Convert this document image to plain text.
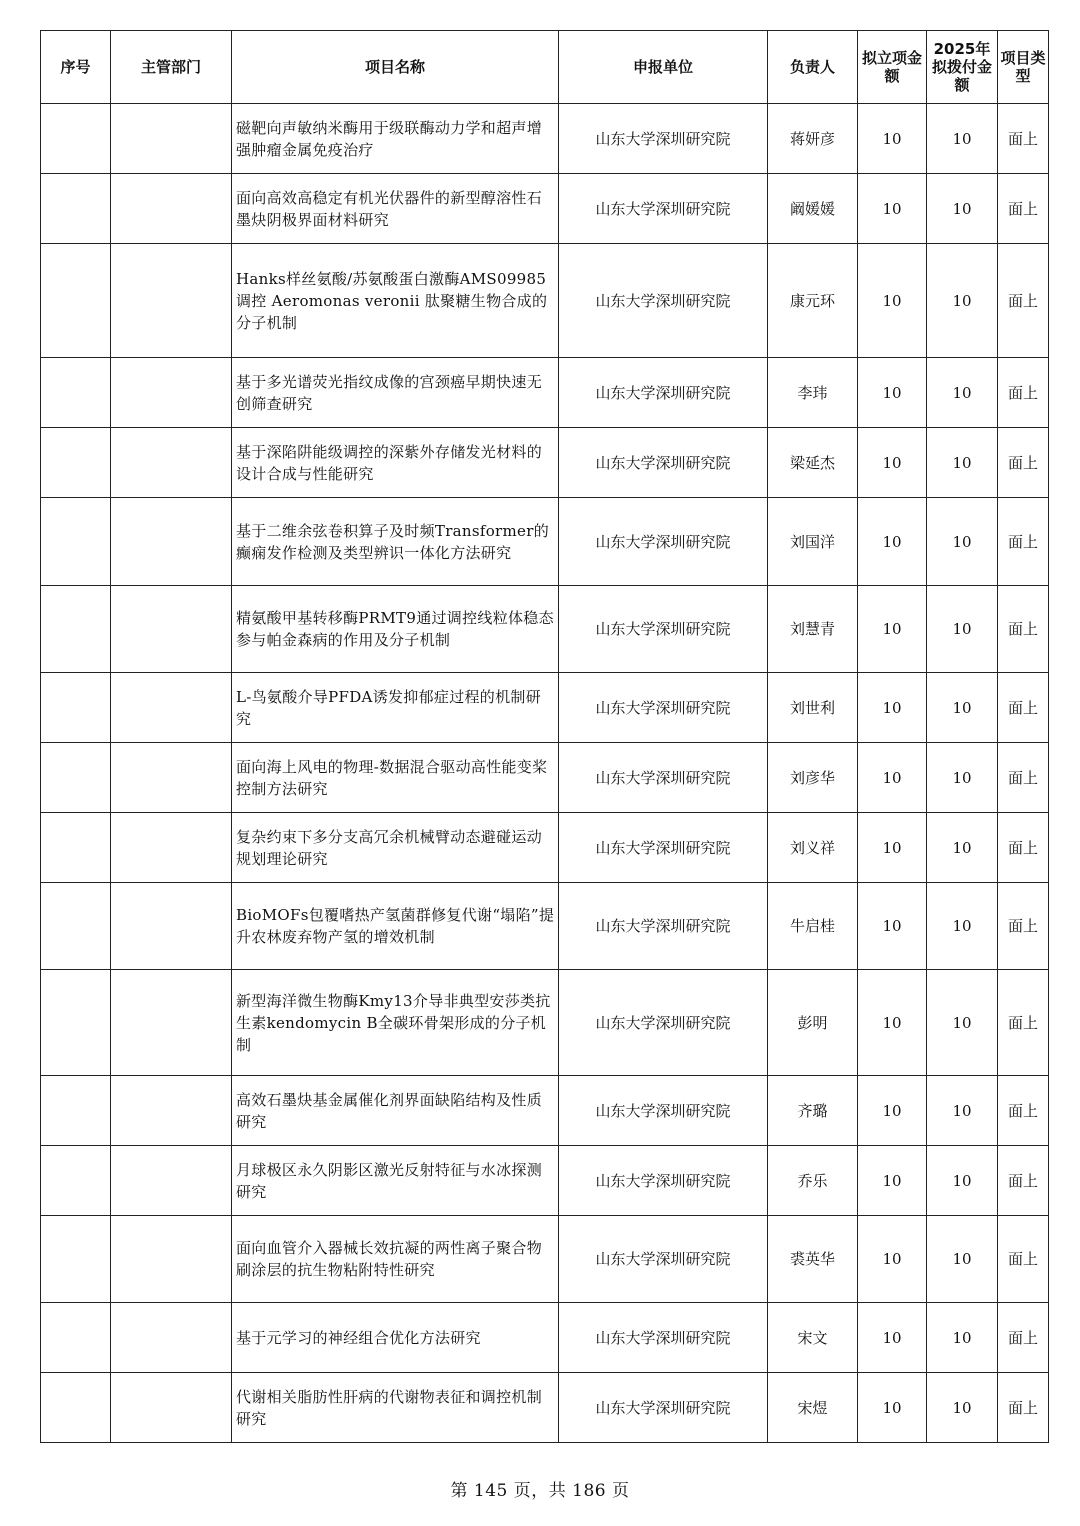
序号	主管部门	项目名称	申报单位	负责人	拟立项金额	2025年拟拨付金额	项目类型
		磁靶向声敏纳米酶用于级联酶动力学和超声增强肿瘤金属免疫治疗	山东大学深圳研究院	蒋妍彦	10	10	面上
		面向高效高稳定有机光伏器件的新型醇溶性石墨炔阴极界面材料研究	山东大学深圳研究院	阚媛媛	10	10	面上
		Hanks样丝氨酸/苏氨酸蛋白激酶AMS09985调控 Aeromonas veronii 肽聚糖生物合成的分子机制	山东大学深圳研究院	康元环	10	10	面上
		基于多光谱荧光指纹成像的宫颈癌早期快速无创筛查研究	山东大学深圳研究院	李玮	10	10	面上
		基于深陷阱能级调控的深紫外存储发光材料的设计合成与性能研究	山东大学深圳研究院	梁延杰	10	10	面上
		基于二维余弦卷积算子及时频Transformer的癫痫发作检测及类型辨识一体化方法研究	山东大学深圳研究院	刘国洋	10	10	面上
		精氨酸甲基转移酶PRMT9通过调控线粒体稳态参与帕金森病的作用及分子机制	山东大学深圳研究院	刘慧青	10	10	面上
		L-鸟氨酸介导PFDA诱发抑郁症过程的机制研究	山东大学深圳研究院	刘世利	10	10	面上
		面向海上风电的物理-数据混合驱动高性能变桨控制方法研究	山东大学深圳研究院	刘彦华	10	10	面上
		复杂约束下多分支高冗余机械臂动态避碰运动规划理论研究	山东大学深圳研究院	刘义祥	10	10	面上
		BioMOFs包覆嗜热产氢菌群修复代谢“塌陷”提升农林废弃物产氢的增效机制	山东大学深圳研究院	牛启桂	10	10	面上
		新型海洋微生物酶Kmy13介导非典型安莎类抗生素kendomycin B全碳环骨架形成的分子机制	山东大学深圳研究院	彭明	10	10	面上
		高效石墨炔基金属催化剂界面缺陷结构及性质研究	山东大学深圳研究院	齐璐	10	10	面上
		月球极区永久阴影区激光反射特征与水冰探测研究	山东大学深圳研究院	乔乐	10	10	面上
		面向血管介入器械长效抗凝的两性离子聚合物刷涂层的抗生物粘附特性研究	山东大学深圳研究院	裘英华	10	10	面上
		基于元学习的神经组合优化方法研究	山东大学深圳研究院	宋文	10	10	面上
		代谢相关脂肪性肝病的代谢物表征和调控机制研究	山东大学深圳研究院	宋煜	10	10	面上
第 145 页，共 186 页
